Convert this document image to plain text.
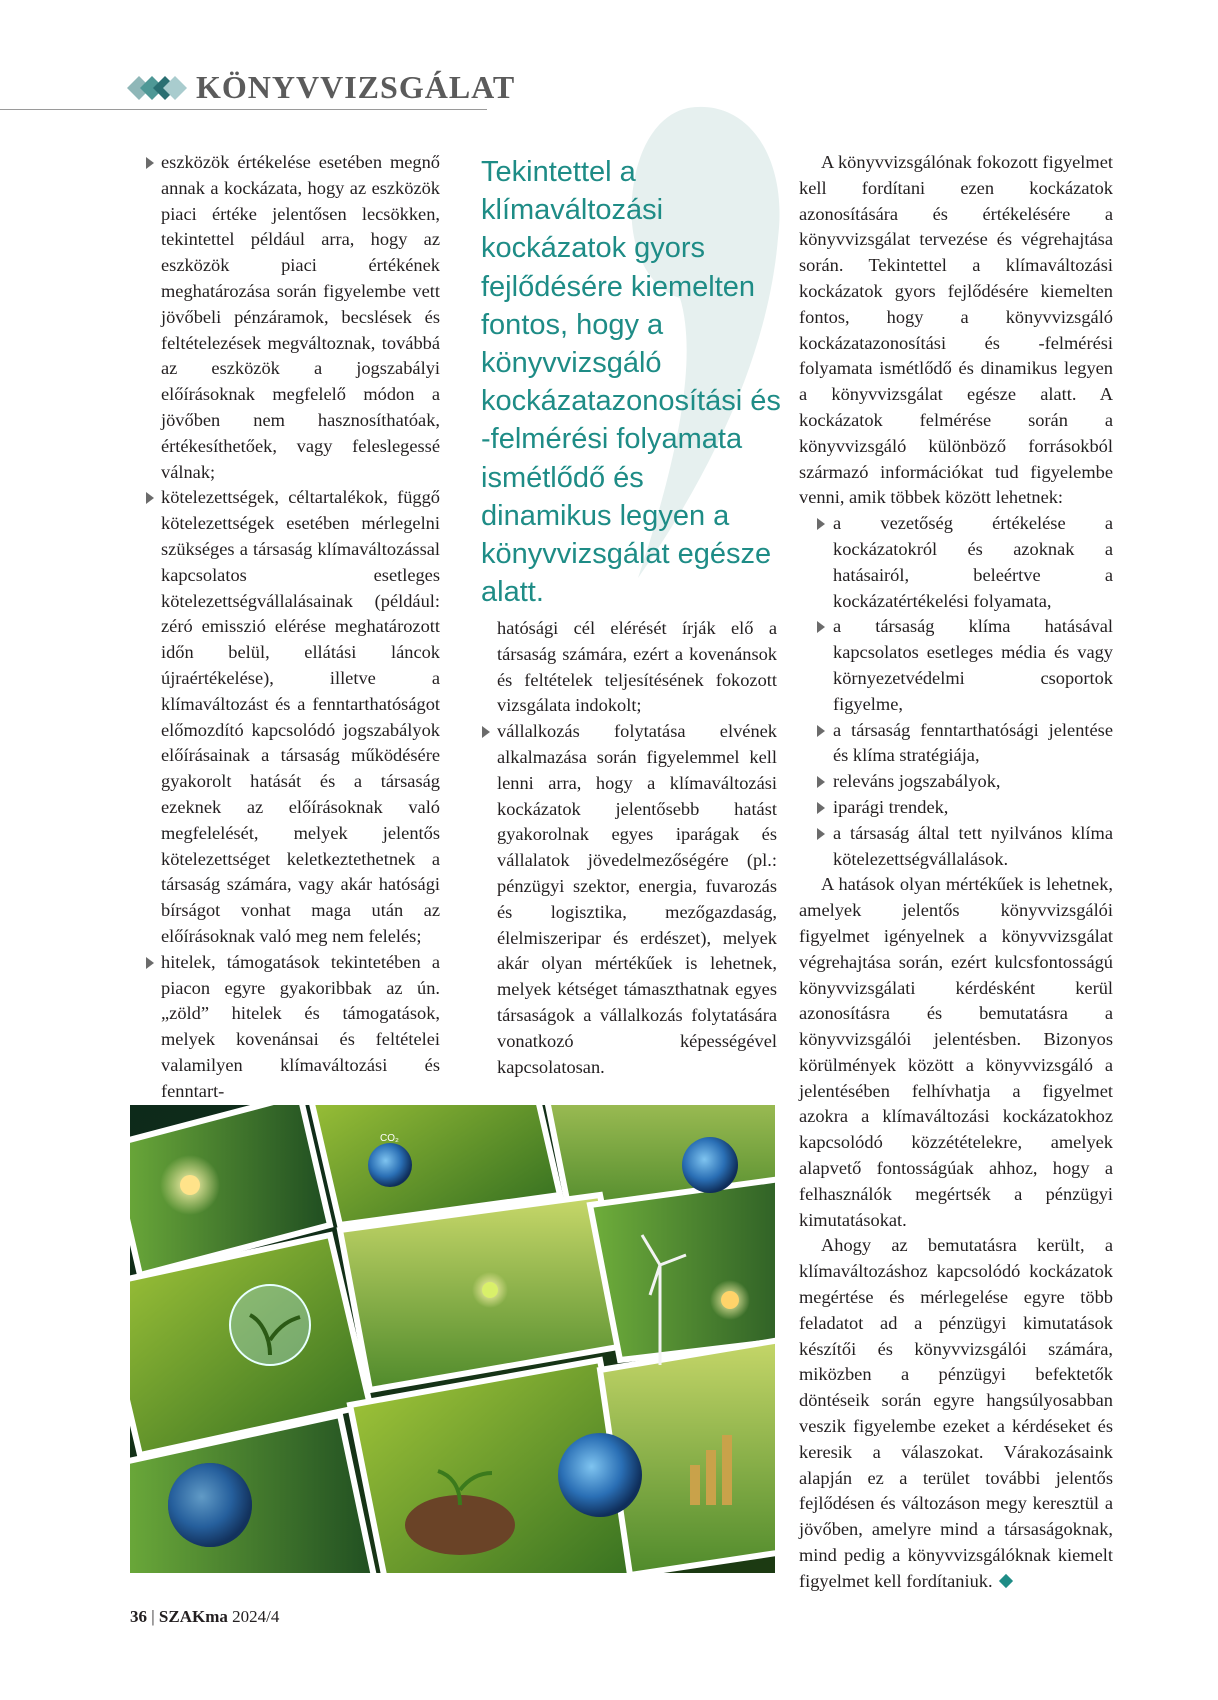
KÖNYVVIZSGÁLAT

eszközök értékelése esetében megnő annak a kockázata, hogy az eszközök piaci értéke jelentősen lecsökken, tekintettel például arra, hogy az eszközök piaci értékének meghatározása során figyelembe vett jövőbeli pénzáramok, becslések és feltételezések megváltoznak, továbbá az eszközök a jogszabályi előírásoknak megfelelő módon a jövőben nem hasznosíthatóak, értékesíthetőek, vagy feleslegessé válnak;

kötelezettségek, céltartalékok, függő kötelezettségek esetében mérlegelni szükséges a társaság klímaváltozással kapcsolatos esetleges kötelezettségvállalásainak (például: zéró emisszió elérése meghatározott időn belül, ellátási láncok újraértékelése), illetve a klímaváltozást és a fenntarthatóságot előmozdító kapcsolódó jogszabályok előírásainak a társaság működésére gyakorolt hatását és a társaság ezeknek az előírásoknak való megfelelését, melyek jelentős kötelezettséget keletkeztethetnek a társaság számára, vagy akár hatósági bírságot vonhat maga után az előírásoknak való meg nem felelés;

hitelek, támogatások tekintetében a piacon egyre gyakoribbak az ún. „zöld” hitelek és támogatások, melyek kovenánsai és feltételei valamilyen klímaváltozási és fenntart-

Tekintettel a klímaváltozási kockázatok gyors fejlődésére kiemelten fontos, hogy a könyvvizsgáló kockázatazonosítási és -felmérési folyamata ismétlődő és dinamikus legyen a könyvvizsgálat egésze alatt.

hatósági cél elérését írják elő a társaság számára, ezért a kovenánsok és feltételek teljesítésének fokozott vizsgálata indokolt;

vállalkozás folytatása elvének alkalmazása során figyelemmel kell lenni arra, hogy a klímaváltozási kockázatok jelentősebb hatást gyakorolnak egyes iparágak és vállalatok jövedelmezőségére (pl.: pénzügyi szektor, energia, fuvarozás és logisztika, mezőgazdaság, élelmiszeripar és erdészet), melyek akár olyan mértékűek is lehetnek, melyek kétséget támaszthatnak egyes társaságok a vállalkozás folytatására vonatkozó képességével kapcsolatosan.

A könyvvizsgálónak fokozott figyelmet kell fordítani ezen kockázatok azonosítására és értékelésére a könyvvizsgálat tervezése és végrehajtása során. Tekintettel a klímaváltozási kockázatok gyors fejlődésére kiemelten fontos, hogy a könyvvizsgáló kockázatazonosítási és -felmérési folyamata ismétlődő és dinamikus legyen a könyvvizsgálat egésze alatt. A kockázatok felmérése során a könyvvizsgáló különböző forrásokból származó információkat tud figyelembe venni, amik többek között lehetnek:

a vezetőség értékelése a kockázatokról és azoknak a hatásairól, beleértve a kockázatértékelési folyamata,

a társaság klíma hatásával kapcsolatos esetleges média és vagy környezetvédelmi csoportok figyelme,

a társaság fenntarthatósági jelentése és klíma stratégiája,

releváns jogszabályok,

iparági trendek,

a társaság által tett nyilvános klíma kötelezettségvállalások.

A hatások olyan mértékűek is lehetnek, amelyek jelentős könyvvizsgálói figyelmet igényelnek a könyvvizsgálat végrehajtása során, ezért kulcsfontosságú könyvvizsgálati kérdésként kerül azonosításra és bemutatásra a könyvvizsgálói jelentésben. Bizonyos körülmények között a könyvvizsgáló a jelentésében felhívhatja a figyelmet azokra a klímaváltozási kockázatokhoz kapcsolódó közzétételekre, amelyek alapvető fontosságúak ahhoz, hogy a felhasználók megértsék a pénzügyi kimutatásokat.

Ahogy az bemutatásra került, a klímaváltozáshoz kapcsolódó kockázatok megértése és mérlegelése egyre több feladatot ad a pénzügyi kimutatások készítői és könyvvizsgálói számára, miközben a pénzügyi befektetők döntéseik során egyre hangsúlyosabban veszik figyelembe ezeket a kérdéseket és keresik a válaszokat. Várakozásaink alapján ez a terület további jelentős fejlődésen és változáson megy keresztül a jövőben, amelyre mind a társaságoknak, mind pedig a könyvvizsgálóknak kiemelt figyelmet kell fordítaniuk.

CO₂
36 | SZAKma 2024/4
